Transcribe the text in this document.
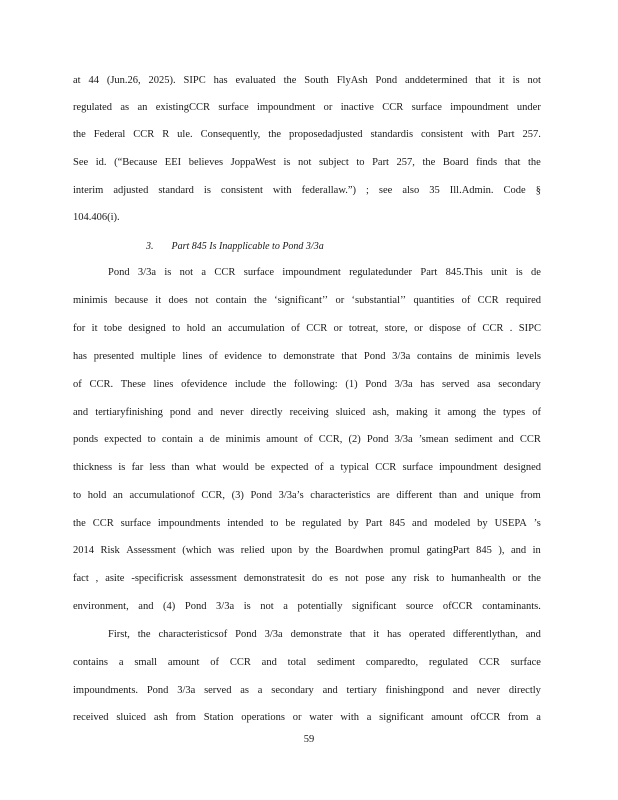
at 44 (Jun.26, 2025). SIPC has evaluated the South FlyAsh Pond anddetermined that it is not
regulated as an existingCCR surface impoundment or inactive CCR surface impoundment under
the Federal CCR R ule. Consequently, the proposedadjusted standardis consistent with Part 257.
See id. (“Because EEI believes JoppaWest is not subject to Part 257, the Board finds that the
interim adjusted standard is consistent with federallaw.”) ; see also 35 Ill.Admin. Code §
104.406(i).
3. Part 845 Is Inapplicable to Pond 3/3a
Pond 3/3a is not a CCR surface impoundment regulatedunder Part 845.This unit is de
minimis because it does not contain the ‘significant’’ or ‘substantial’’ quantities of CCR required
for it tobe designed to hold an accumulation of CCR or totreat, store, or dispose of CCR . SIPC
has presented multiple lines of evidence to demonstrate that Pond 3/3a contains de minimis levels
of CCR. These lines ofevidence include the following: (1) Pond 3/3a has served asa secondary
and tertiaryfinishing pond and never directly receiving sluiced ash, making it among the types of
ponds expected to contain a de minimis amount of CCR, (2) Pond 3/3a ’smean sediment and CCR
thickness is far less than what would be expected of a typical CCR surface impoundment designed
to hold an accumulationof CCR, (3) Pond 3/3a’s characteristics are different than and unique from
the CCR surface impoundments intended to be regulated by Part 845 and modeled by USEPA ’s
2014 Risk Assessment (which was relied upon by the Boardwhen promul gatingPart 845 ), and in
fact , asite -specificrisk assessment demonstratesit do es not pose any risk to humanhealth or the
environment, and (4) Pond 3/3a is not a potentially significant source ofCCR contaminants.
First, the characteristicsof Pond 3/3a demonstrate that it has operated differentlythan, and
contains a small amount of CCR and total sediment comparedto, regulated CCR surface
impoundments. Pond 3/3a served as a secondary and tertiary finishingpond and never directly
received sluiced ash from Station operations or water with a significant amount ofCCR from a
59
